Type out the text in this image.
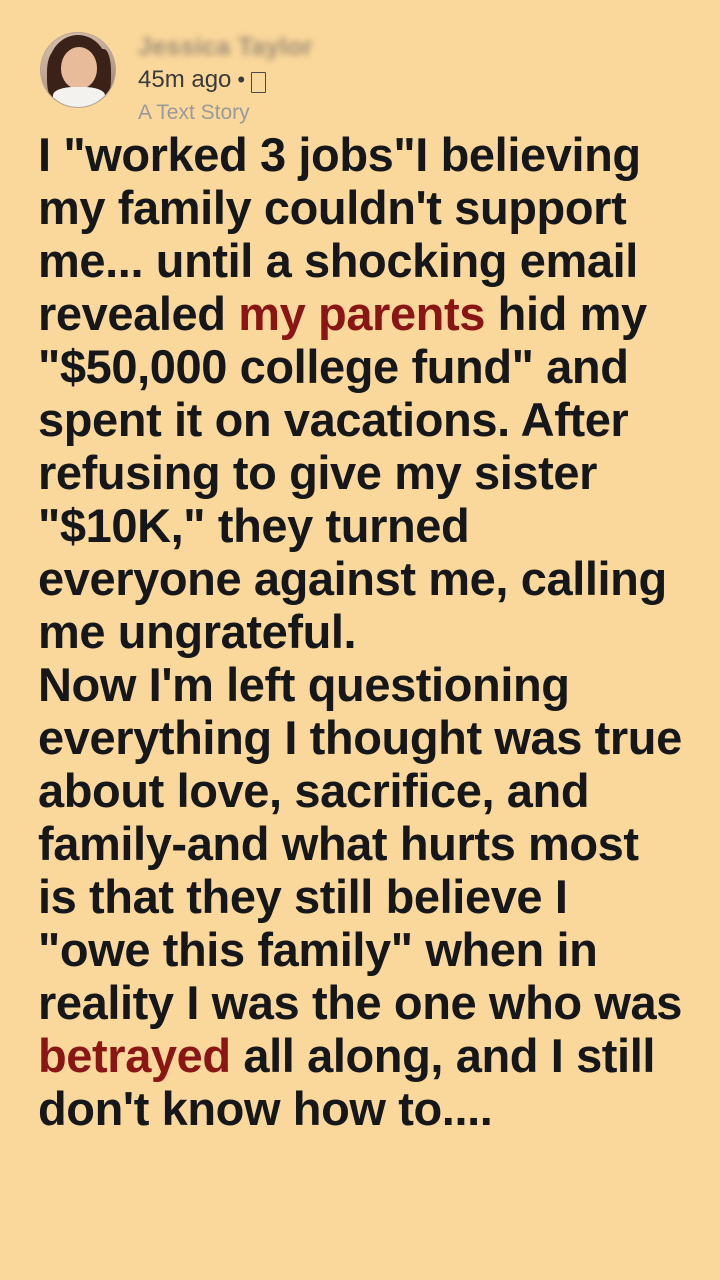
Jessica Taylor
45m ago •
A Text Story

I "worked 3 jobs"I believing my family couldn't support me... until a shocking email revealed my parents hid my "$50,000 college fund" and spent it on vacations. After refusing to give my sister "$10K," they turned everyone against me, calling me ungrateful.

Now I'm left questioning everything I thought was true about love, sacrifice, and family-and what hurts most is that they still believe I "owe this family" when in reality I was the one who was betrayed all along, and I still don't know how to....
